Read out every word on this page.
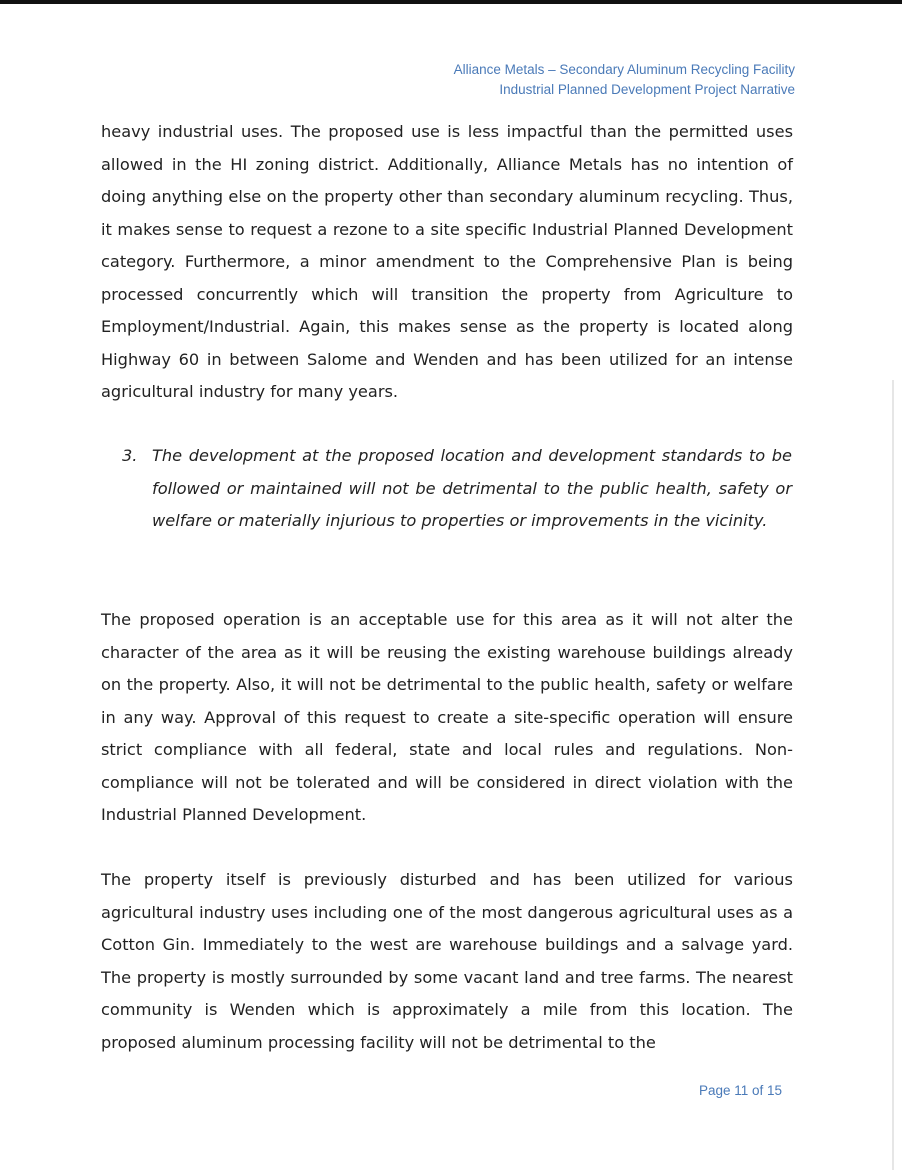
Alliance Metals – Secondary Aluminum Recycling Facility
Industrial Planned Development Project Narrative

heavy industrial uses. The proposed use is less impactful than the permitted uses allowed in the HI zoning district. Additionally, Alliance Metals has no intention of doing anything else on the property other than secondary aluminum recycling. Thus, it makes sense to request a rezone to a site specific Industrial Planned Development category. Furthermore, a minor amendment to the Comprehensive Plan is being processed concurrently which will transition the property from Agriculture to Employment/Industrial. Again, this makes sense as the property is located along Highway 60 in between Salome and Wenden and has been utilized for an intense agricultural industry for many years.

3. The development at the proposed location and development standards to be followed or maintained will not be detrimental to the public health, safety or welfare or materially injurious to properties or improvements in the vicinity.

The proposed operation is an acceptable use for this area as it will not alter the character of the area as it will be reusing the existing warehouse buildings already on the property. Also, it will not be detrimental to the public health, safety or welfare in any way. Approval of this request to create a site-specific operation will ensure strict compliance with all federal, state and local rules and regulations. Non-compliance will not be tolerated and will be considered in direct violation with the Industrial Planned Development.

The property itself is previously disturbed and has been utilized for various agricultural industry uses including one of the most dangerous agricultural uses as a Cotton Gin. Immediately to the west are warehouse buildings and a salvage yard. The property is mostly surrounded by some vacant land and tree farms. The nearest community is Wenden which is approximately a mile from this location. The proposed aluminum processing facility will not be detrimental to the

Page 11 of 15
